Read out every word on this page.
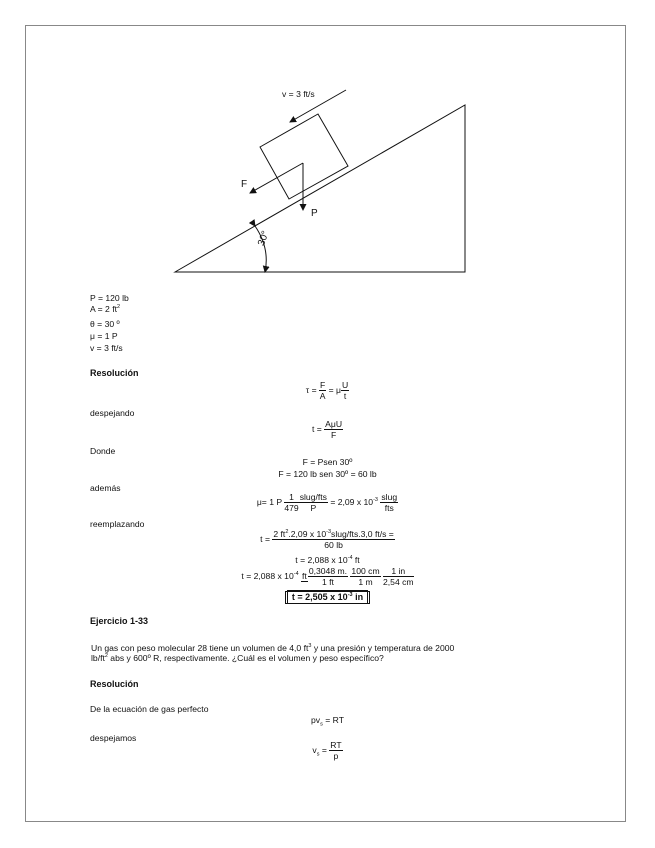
v = 3 ft/s
F
P
30°
P = 120 lb
A = 2 $ft^2$
θ = 30 º
μ = 1 P
v = 3 ft/s
Resolución
$\tau = \frac{F}{A} = \mu \frac{U}{t}$
despejando
$t = \frac{\text{AμU}}{F}$
Donde
F = Psen 30º
F = 120 lb sen 30º = 60 lb
además
μ= 1 P $\frac{1}{479} \frac{\text{slug/fts}}{P} = 2,09$ x $10^{-3} \frac{\text{slug}}{\text{fts}}$
reemplazando
$t = \frac{2 ft^2.2,09 x 10^{-3}slug/fts.3,0 ft/s =}{60 lb}$
t = 2,088 x $10^{-4}$ ft
t = 2,088 x $10^{-4}$ ft $\frac{0,3048 m.}{1 ft}$
$\frac{100 cm}{1 m}$
$\frac{1 in}{2,54 cm}$
t = 2,505 x $10^{-3}$ in
Ejercicio 1-33
Un gas con peso molecular 28 tiene un volumen de 4,0 $ft^3$ y una presión y temperatura de 2000
$lb/ft^2$ abs y 600º R, respectivamente. ¿Cuál es el volumen y peso específico?
Resolución
De la ecuación de gas perfecto
$pv_s$ = RT
despejamos
$v_s = \frac{RT}{p}$
